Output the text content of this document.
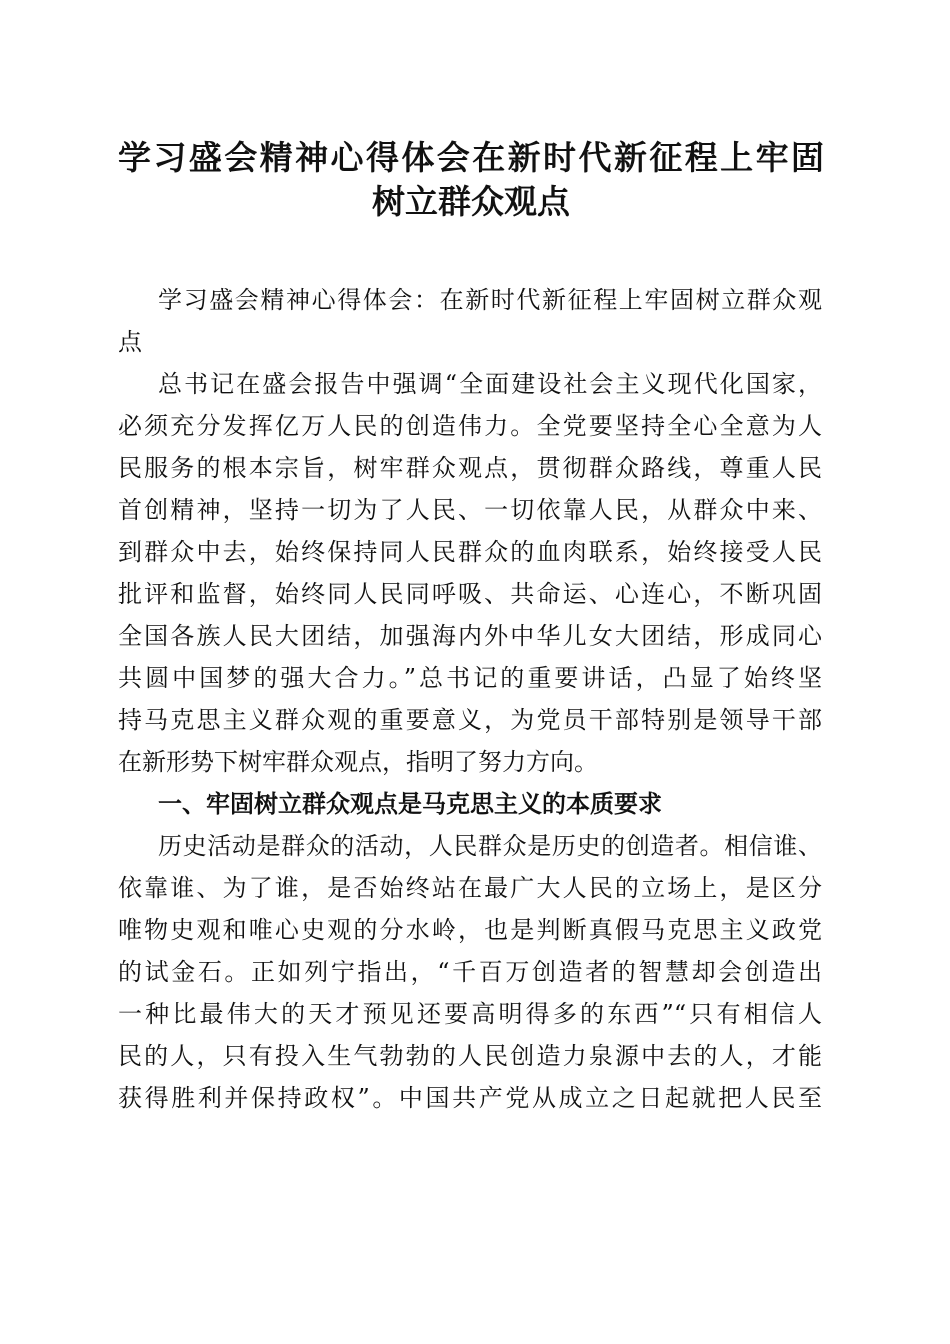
学习盛会精神心得体会在新时代新征程上牢固
树立群众观点
学习盛会精神心得体会：在新时代新征程上牢固树立群众观
点
总书记在盛会报告中强调“全面建设社会主义现代化国家，
必须充分发挥亿万人民的创造伟力。全党要坚持全心全意为人
民服务的根本宗旨，树牢群众观点，贯彻群众路线，尊重人民
首创精神，坚持一切为了人民、一切依靠人民，从群众中来、
到群众中去，始终保持同人民群众的血肉联系，始终接受人民
批评和监督，始终同人民同呼吸、共命运、心连心，不断巩固
全国各族人民大团结，加强海内外中华儿女大团结，形成同心
共圆中国梦的强大合力。”总书记的重要讲话，凸显了始终坚
持马克思主义群众观的重要意义，为党员干部特别是领导干部
在新形势下树牢群众观点，指明了努力方向。
一、牢固树立群众观点是马克思主义的本质要求
历史活动是群众的活动，人民群众是历史的创造者。相信谁、
依靠谁、为了谁，是否始终站在最广大人民的立场上，是区分
唯物史观和唯心史观的分水岭，也是判断真假马克思主义政党
的试金石。正如列宁指出，“千百万创造者的智慧却会创造出
一种比最伟大的天才预见还要高明得多的东西”“只有相信人
民的人，只有投入生气勃勃的人民创造力泉源中去的人，才能
获得胜利并保持政权”。中国共产党从成立之日起就把人民至
